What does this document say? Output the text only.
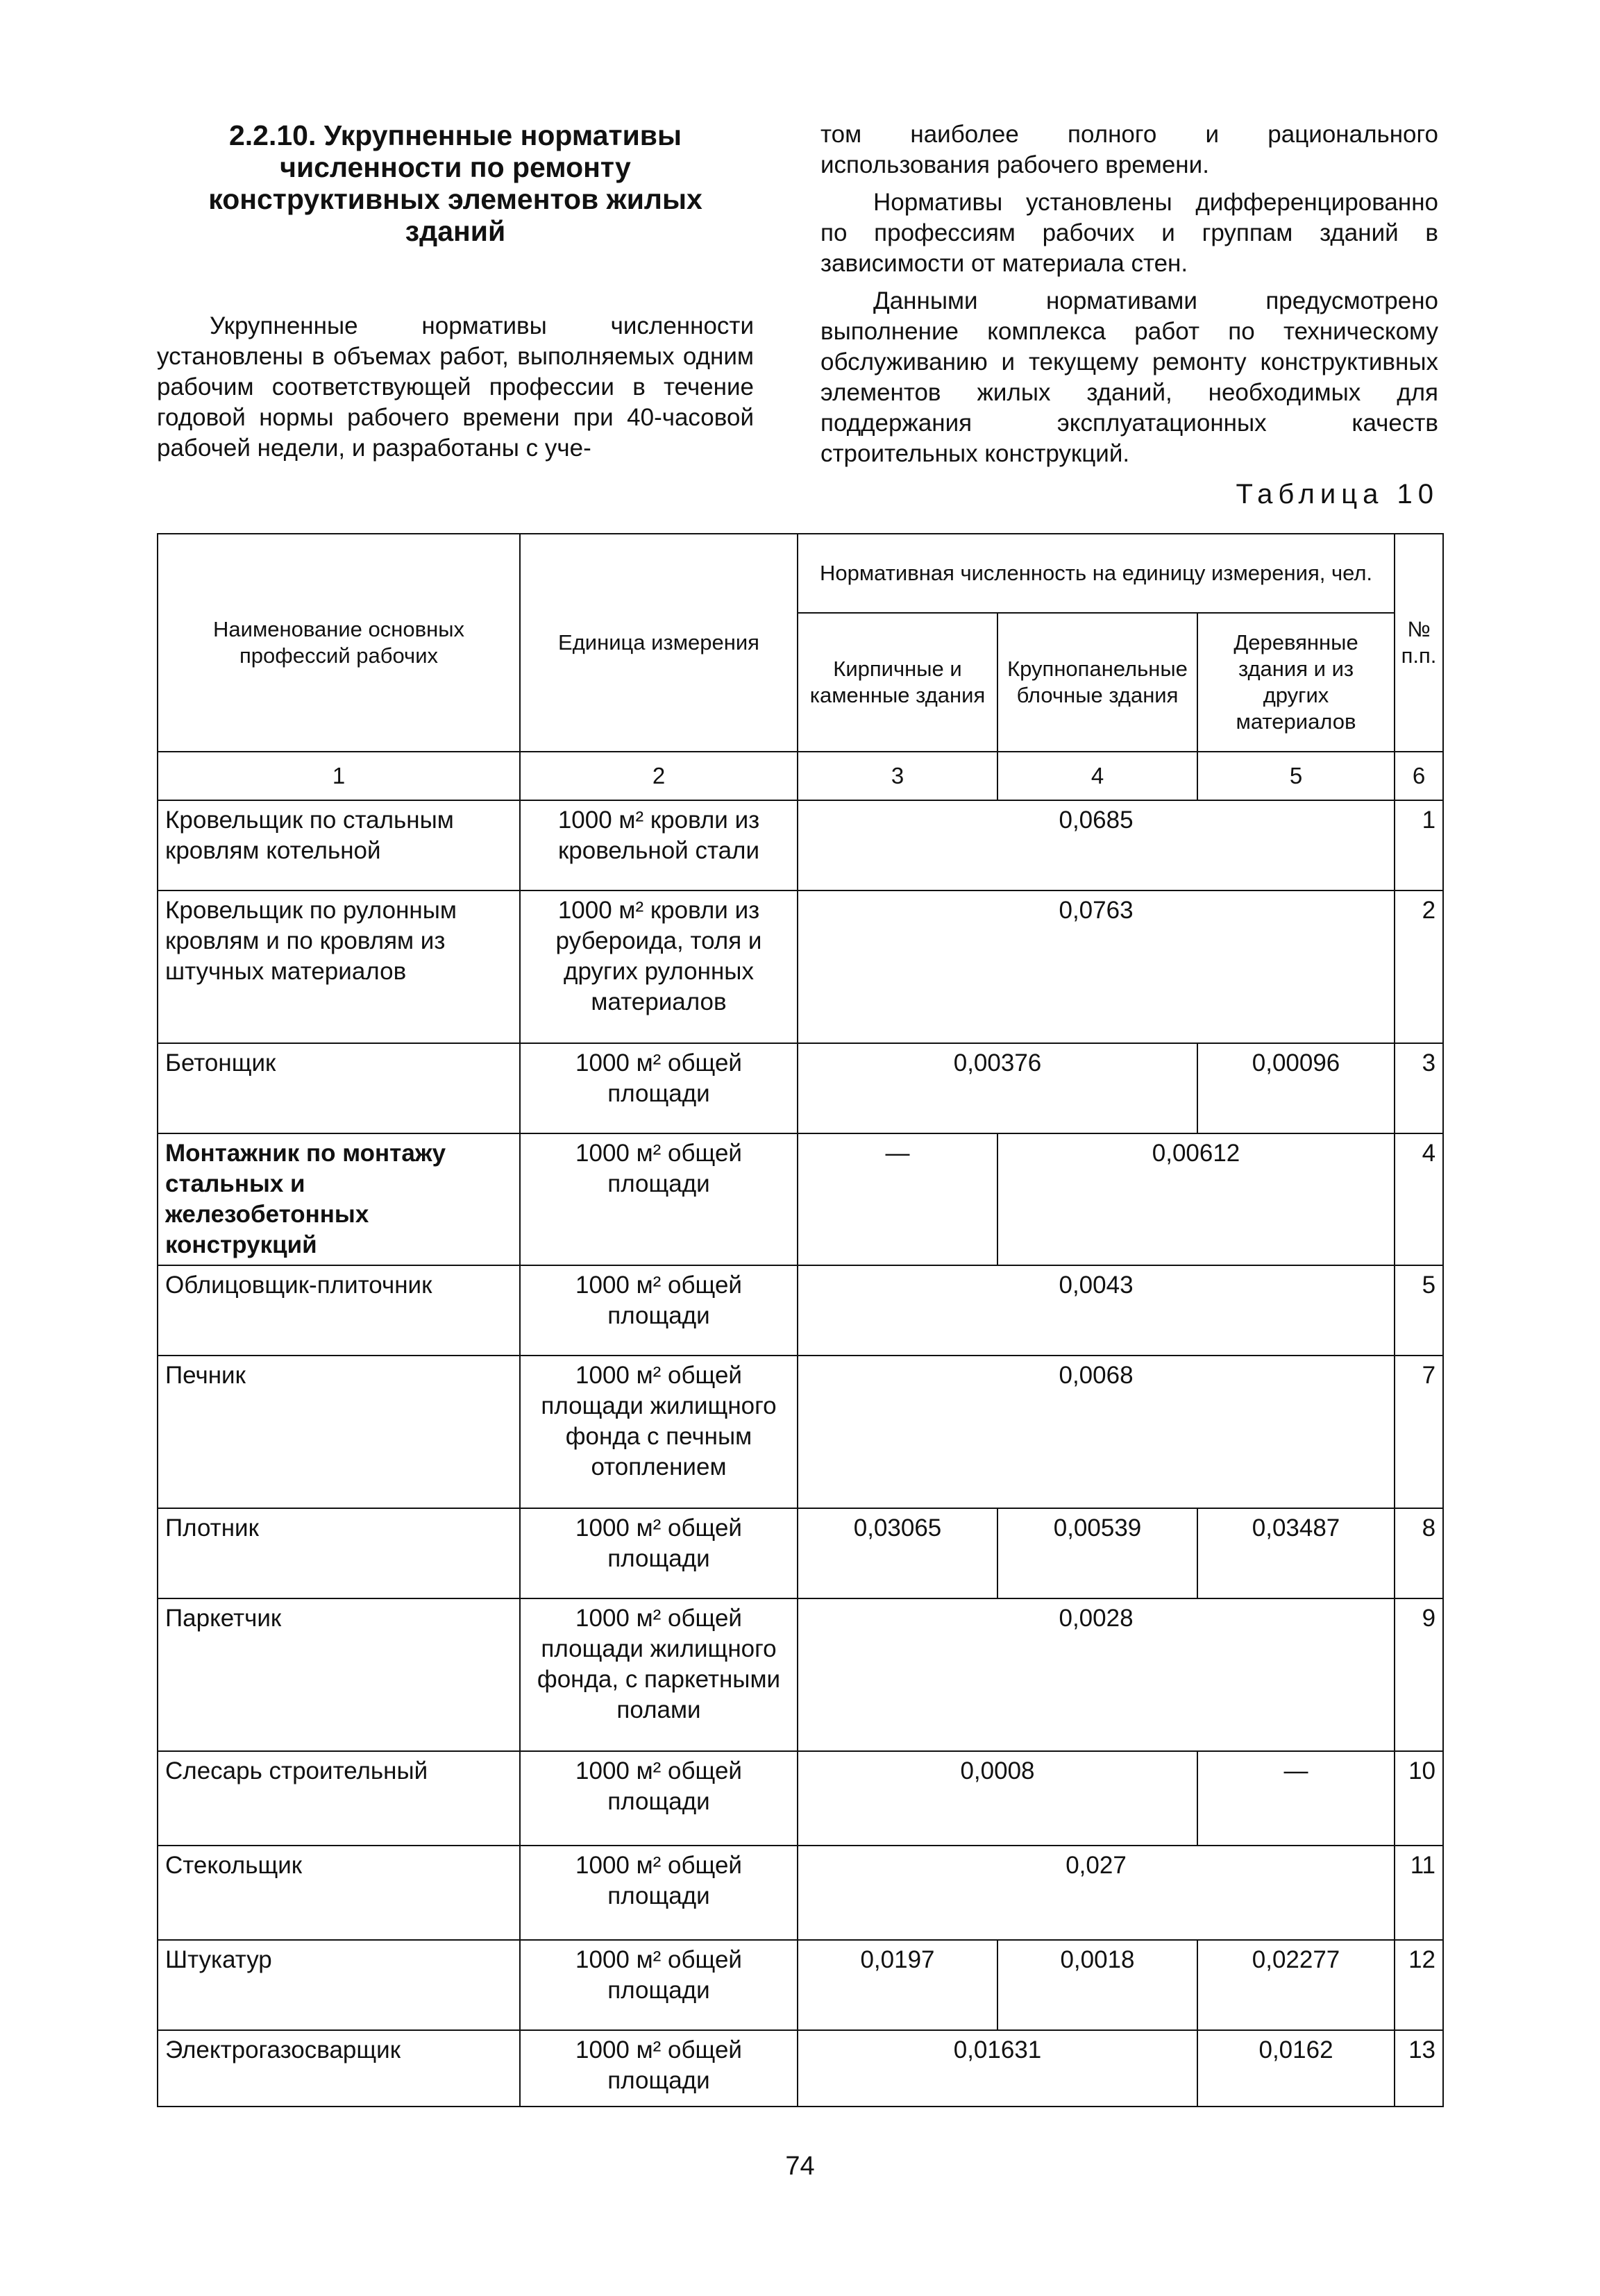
2.2.10. Укрупненные нормативы численности по ремонту конструктивных элементов жилых зданий

Укрупненные нормативы численности установлены в объемах работ, выполняемых одним рабочим соответствующей профессии в течение годовой нормы рабочего времени при 40-часовой рабочей недели, и разработаны с уче-

том наиболее полного и рационального использования рабочего времени.

Нормативы установлены дифференцированно по профессиям рабочих и группам зданий в зависимости от материала стен.

Данными нормативами предусмотрено выполнение комплекса работ по техническому обслуживанию и текущему ремонту конструктивных элементов жилых зданий, необходимых для поддержания эксплуатационных качеств строительных конструкций.

Таблица 10
Наименование основных профессий рабочих	Единица измерения	Нормативная численность на единицу измерения, чел.			№ п.п.
		Кирпичные и каменные здания	Крупнопанельные блочные здания	Деревянные здания и из других материалов	
1	2	3	4	5	6
Кровельщик по стальным кровлям котельной	1000 м² кровли из кровельной стали	0,0685			1
Кровельщик по рулонным кровлям и по кровлям из штучных материалов	1000 м² кровли из рубероида, толя и других рулонных материалов	0,0763			2
Бетонщик	1000 м² общей площади	0,00376		0,00096	3
Монтажник по монтажу стальных и железобетонных конструкций	1000 м² общей площади	—	0,00612		4
Облицовщик-плиточник	1000 м² общей площади	0,0043			5
Печник	1000 м² общей площади жилищного фонда с печным отоплением	0,0068			7
Плотник	1000 м² общей площади	0,03065	0,00539	0,03487	8
Паркетчик	1000 м² общей площади жилищного фонда, с паркетными полами	0,0028			9
Слесарь строительный	1000 м² общей площади	0,0008		—	10
Стекольщик	1000 м² общей площади	0,027			11
Штукатур	1000 м² общей площади	0,0197	0,0018	0,02277	12
Электрогазосварщик	1000 м² общей площади	0,01631		0,0162	13
74
